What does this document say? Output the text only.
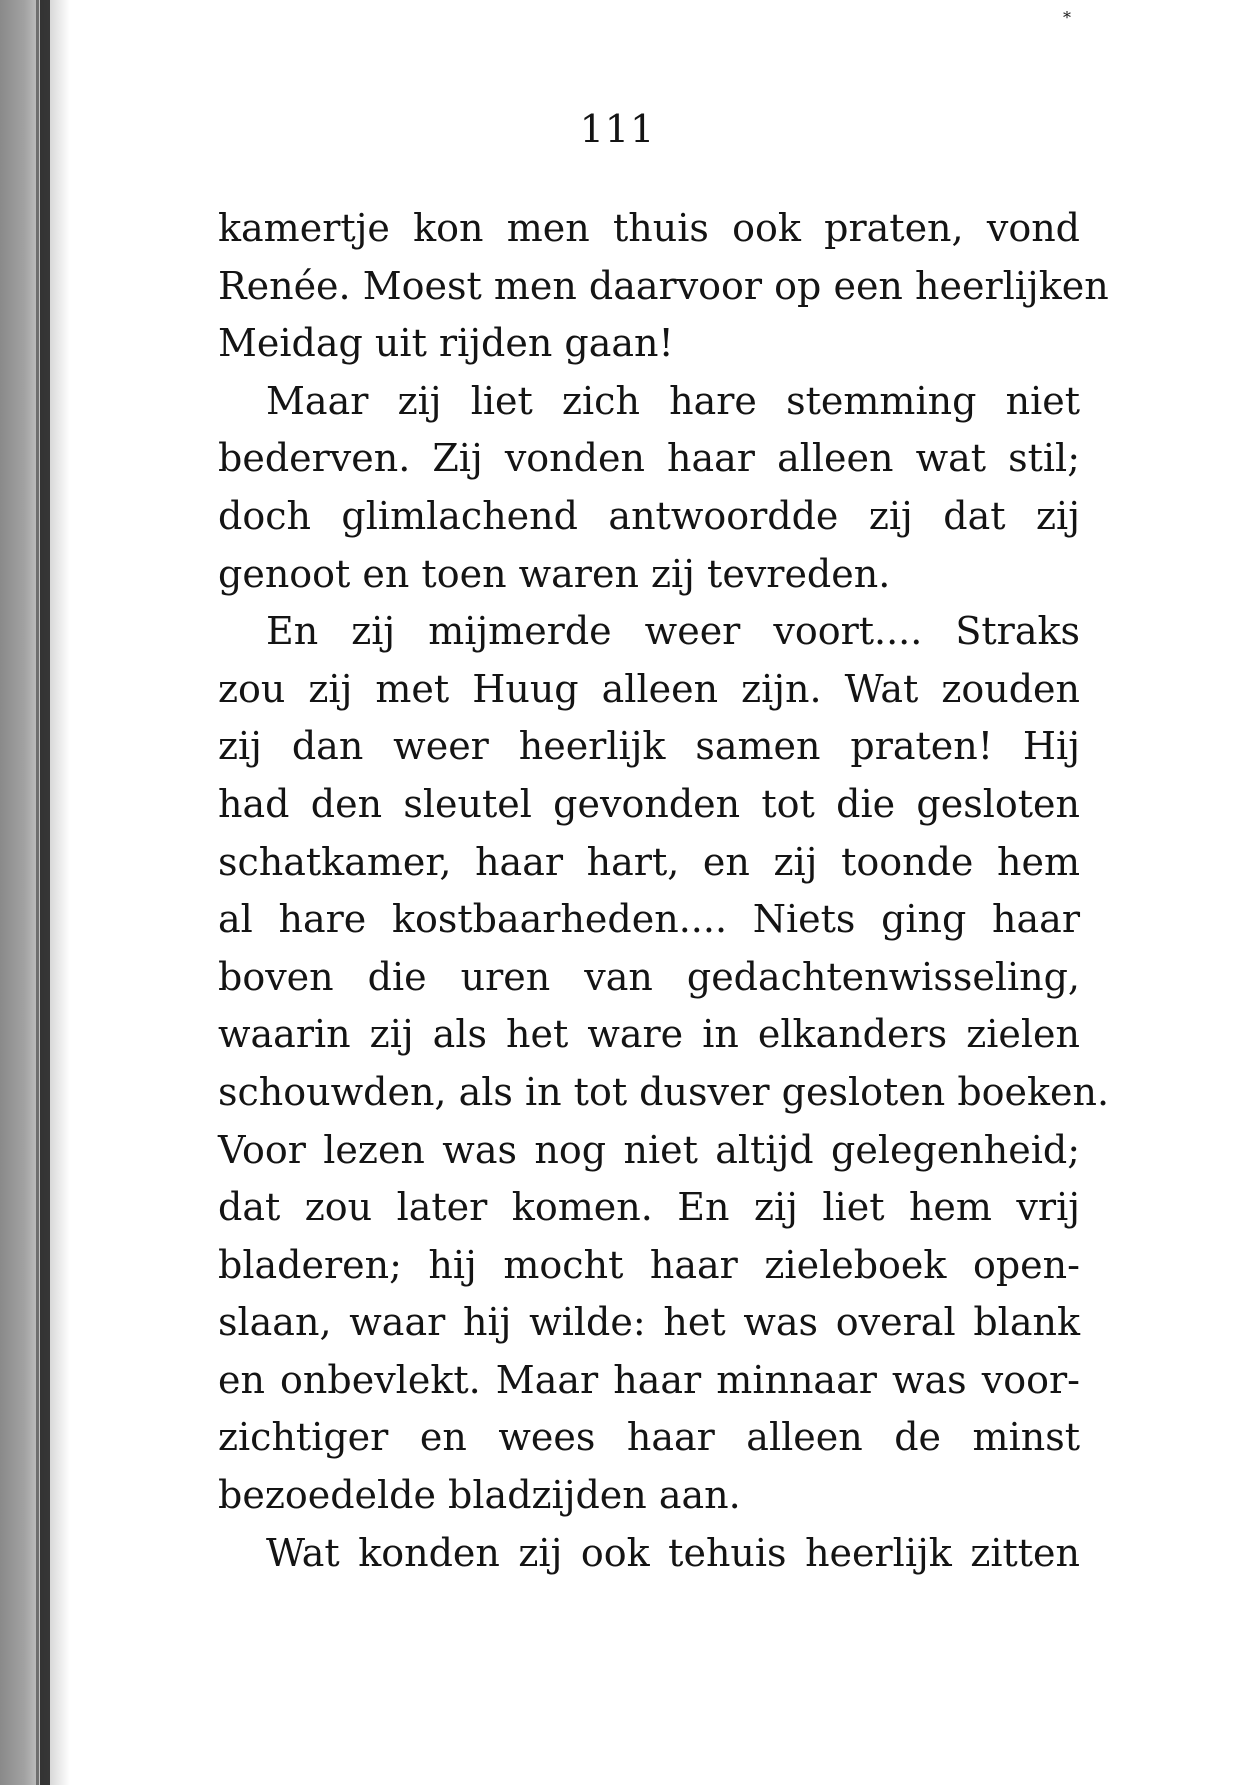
*
111
kamertje kon men thuis ook praten, vond
Renée. Moest men daarvoor op een heerlijken
Meidag uit rijden gaan!
Maar zij liet zich hare stemming niet
bederven. Zij vonden haar alleen wat stil;
doch glimlachend antwoordde zij dat zij
genoot en toen waren zij tevreden.
En zij mijmerde weer voort.... Straks
zou zij met Huug alleen zijn. Wat zouden
zij dan weer heerlijk samen praten! Hij
had den sleutel gevonden tot die gesloten
schatkamer, haar hart, en zij toonde hem
al hare kostbaarheden.... Niets ging haar
boven die uren van gedachtenwisseling,
waarin zij als het ware in elkanders zielen
schouwden, als in tot dusver gesloten boeken.
Voor lezen was nog niet altijd gelegenheid;
dat zou later komen. En zij liet hem vrij
bladeren; hij mocht haar zieleboek open-
slaan, waar hij wilde: het was overal blank
en onbevlekt. Maar haar minnaar was voor-
zichtiger en wees haar alleen de minst
bezoedelde bladzijden aan.
Wat konden zij ook tehuis heerlijk zitten
